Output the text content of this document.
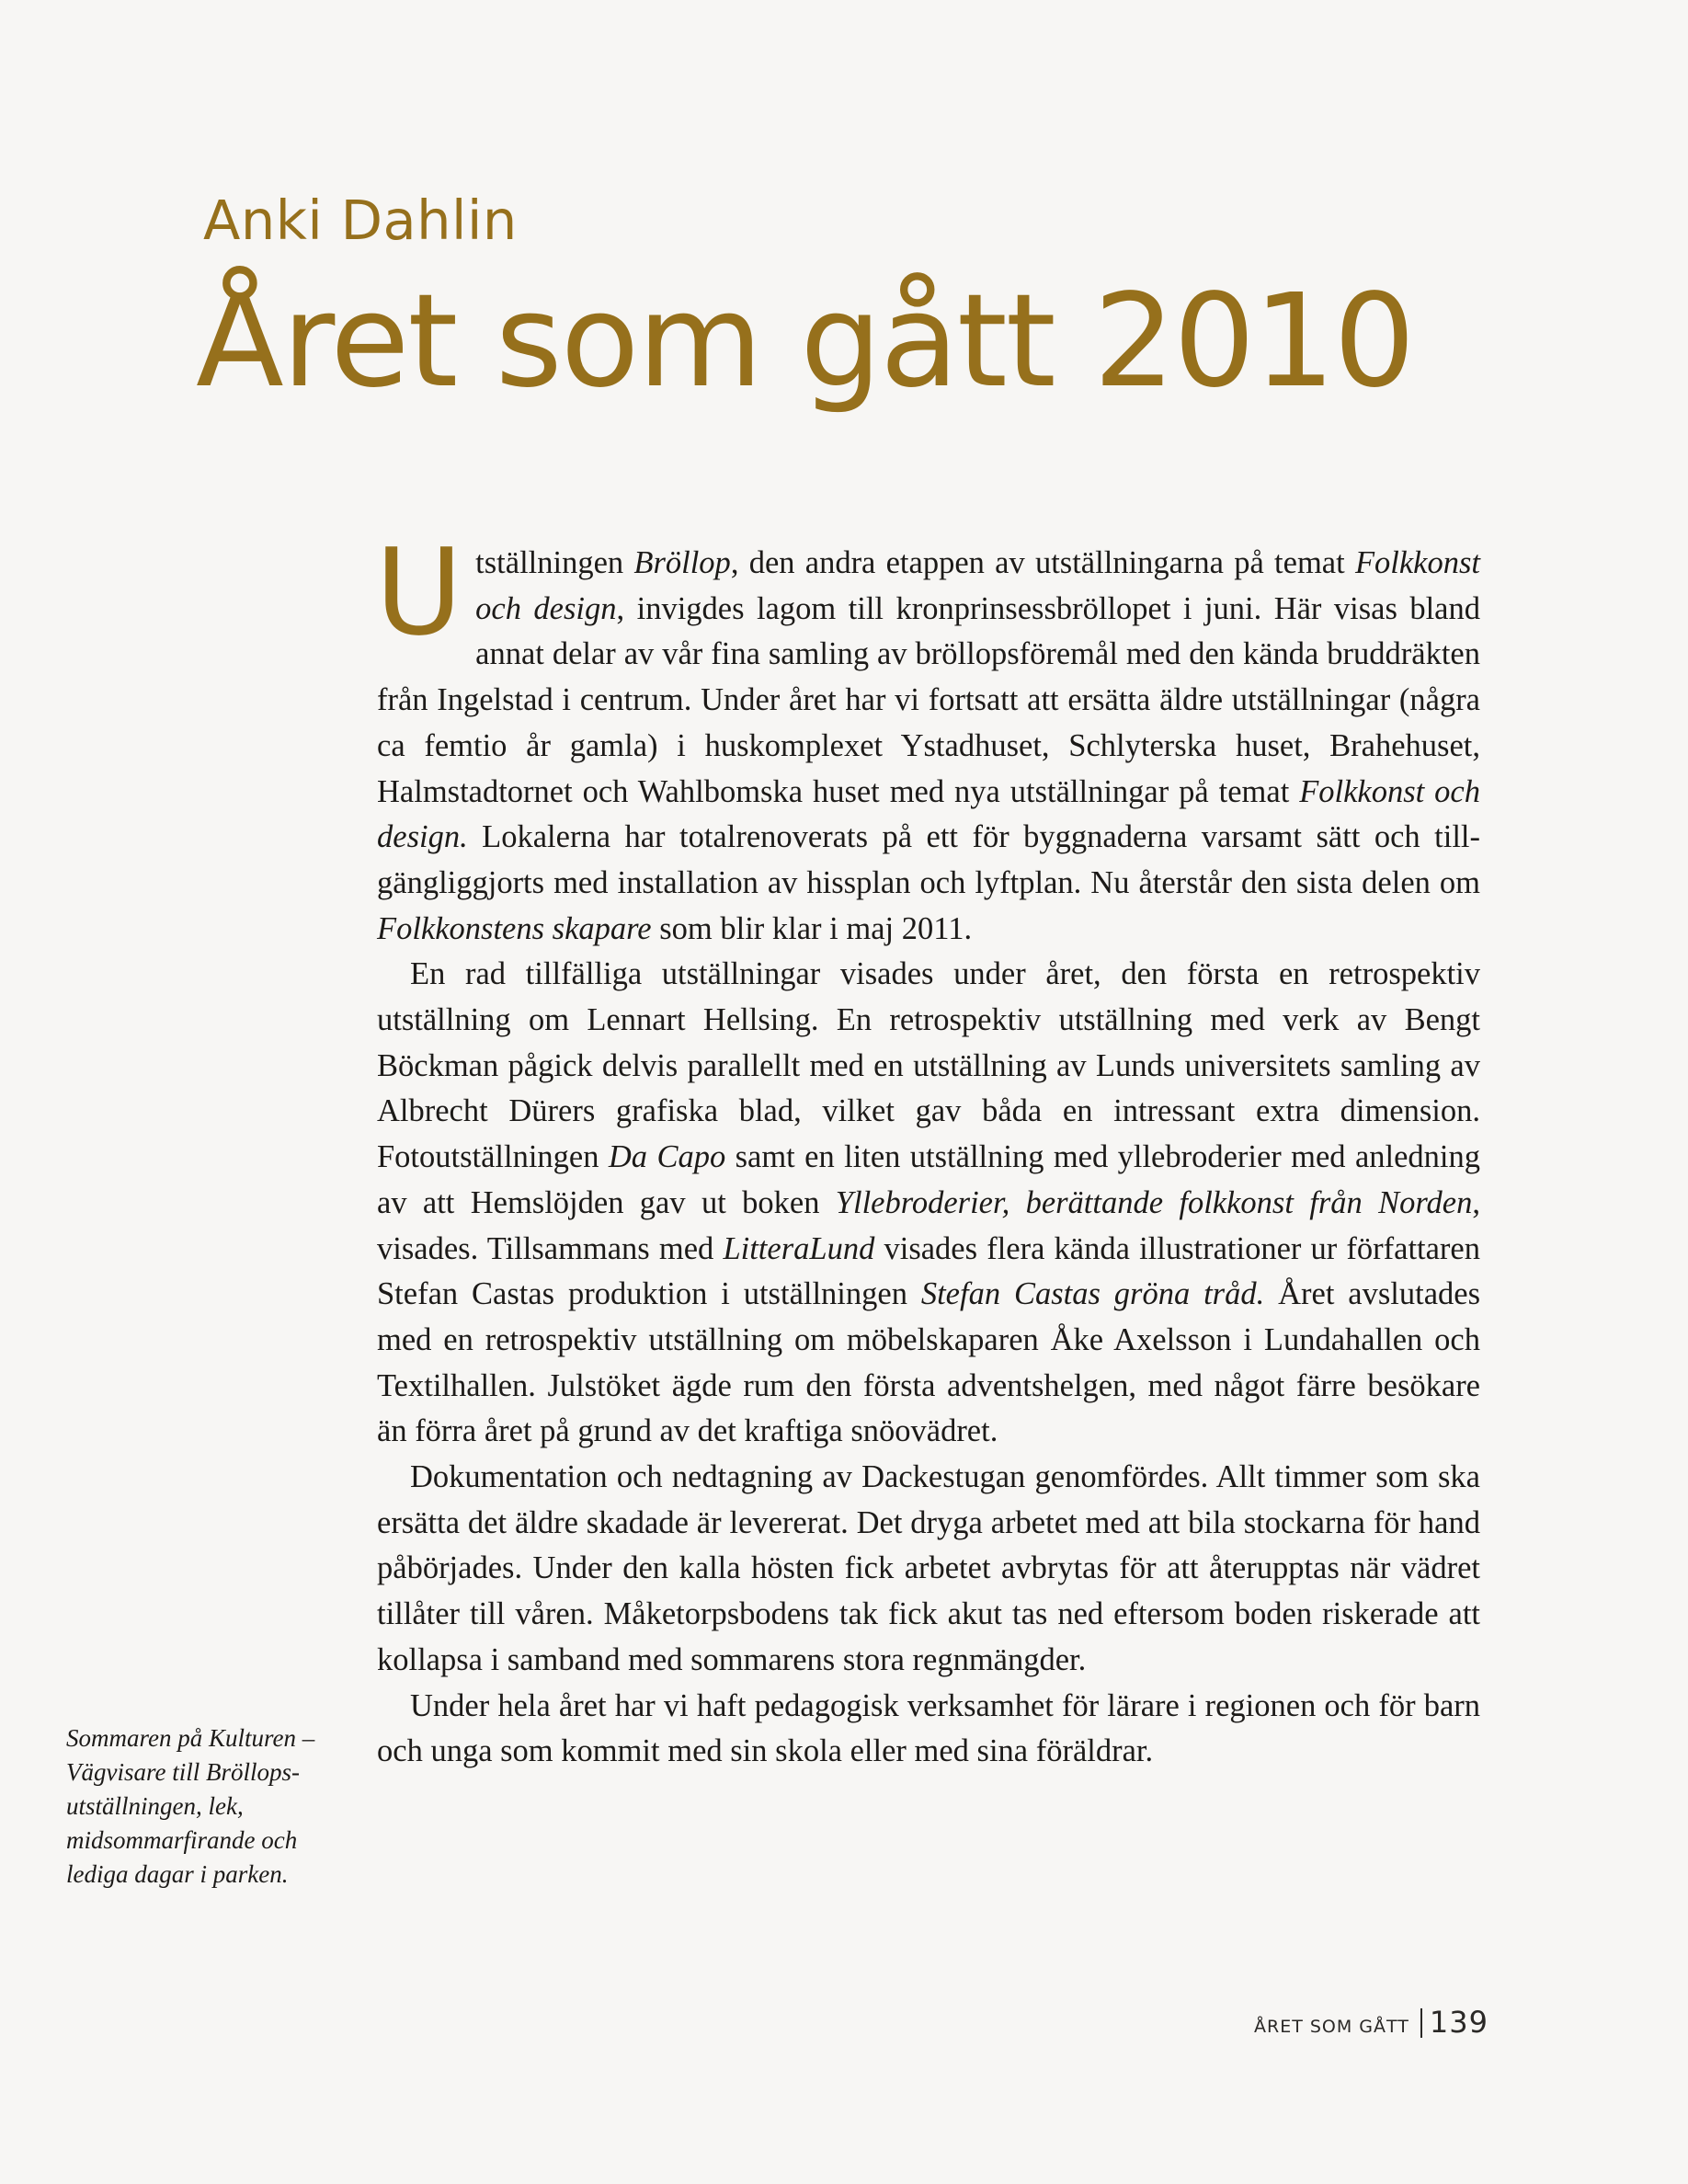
Anki Dahlin
Året som gått 2010

Utställningen Bröllop, den andra etappen av utställningarna på temat Folkkonst och design, invigdes lagom till kronprinsessbröllopet i juni. Här visas bland annat delar av vår fina samling av bröllopsföremål med den kända bruddräkten från Ingelstad i centrum. Under året har vi fortsatt att ersätta äldre utställningar (några ca femtio år gamla) i huskomplexet Ystadhuset, Schlyterska huset, Brahehuset, Halmstadtornet och Wahlbomska huset med nya utställningar på temat Folkkonst och design. Lokalerna har totalrenoverats på ett för byggnaderna varsamt sätt och tillgängliggjorts med installation av hissplan och lyftplan. Nu återstår den sista delen om Folkkonstens skapare som blir klar i maj 2011.

En rad tillfälliga utställningar visades under året, den första en retrospektiv utställning om Lennart Hellsing. En retrospektiv utställning med verk av Bengt Böckman pågick delvis parallellt med en utställning av Lunds universitets samling av Albrecht Dürers grafiska blad, vilket gav båda en intressant extra dimension. Fotoutställningen Da Capo samt en liten utställning med yllebroderier med anledning av att Hemslöjden gav ut boken Yllebroderier, berättande folkkonst från Norden, visades. Tillsammans med LitteraLund visades flera kända illustrationer ur författaren Stefan Castas produktion i utställningen Stefan Castas gröna tråd. Året avslutades med en retrospektiv utställning om möbelskaparen Åke Axelsson i Lundahallen och Textilhallen. Julstöket ägde rum den första adventshelgen, med något färre besökare än förra året på grund av det kraftiga snöovädret.

Dokumentation och nedtagning av Dackestugan genomfördes. Allt timmer som ska ersätta det äldre skadade är levererat. Det dryga arbetet med att bila stockarna för hand påbörjades. Under den kalla hösten fick arbetet avbrytas för att återupptas när vädret tillåter till våren. Måketorpsbodens tak fick akut tas ned eftersom boden riskerade att kollapsa i samband med sommarens stora regnmängder.

Under hela året har vi haft pedagogisk verksamhet för lärare i regionen och för barn och unga som kommit med sin skola eller med sina föräldrar.

Sommaren på Kulturen – Vägvisare till Bröllopsutställningen, lek, midsommarfirande och lediga dagar i parken.

ÅRET SOM GÅTT 139
